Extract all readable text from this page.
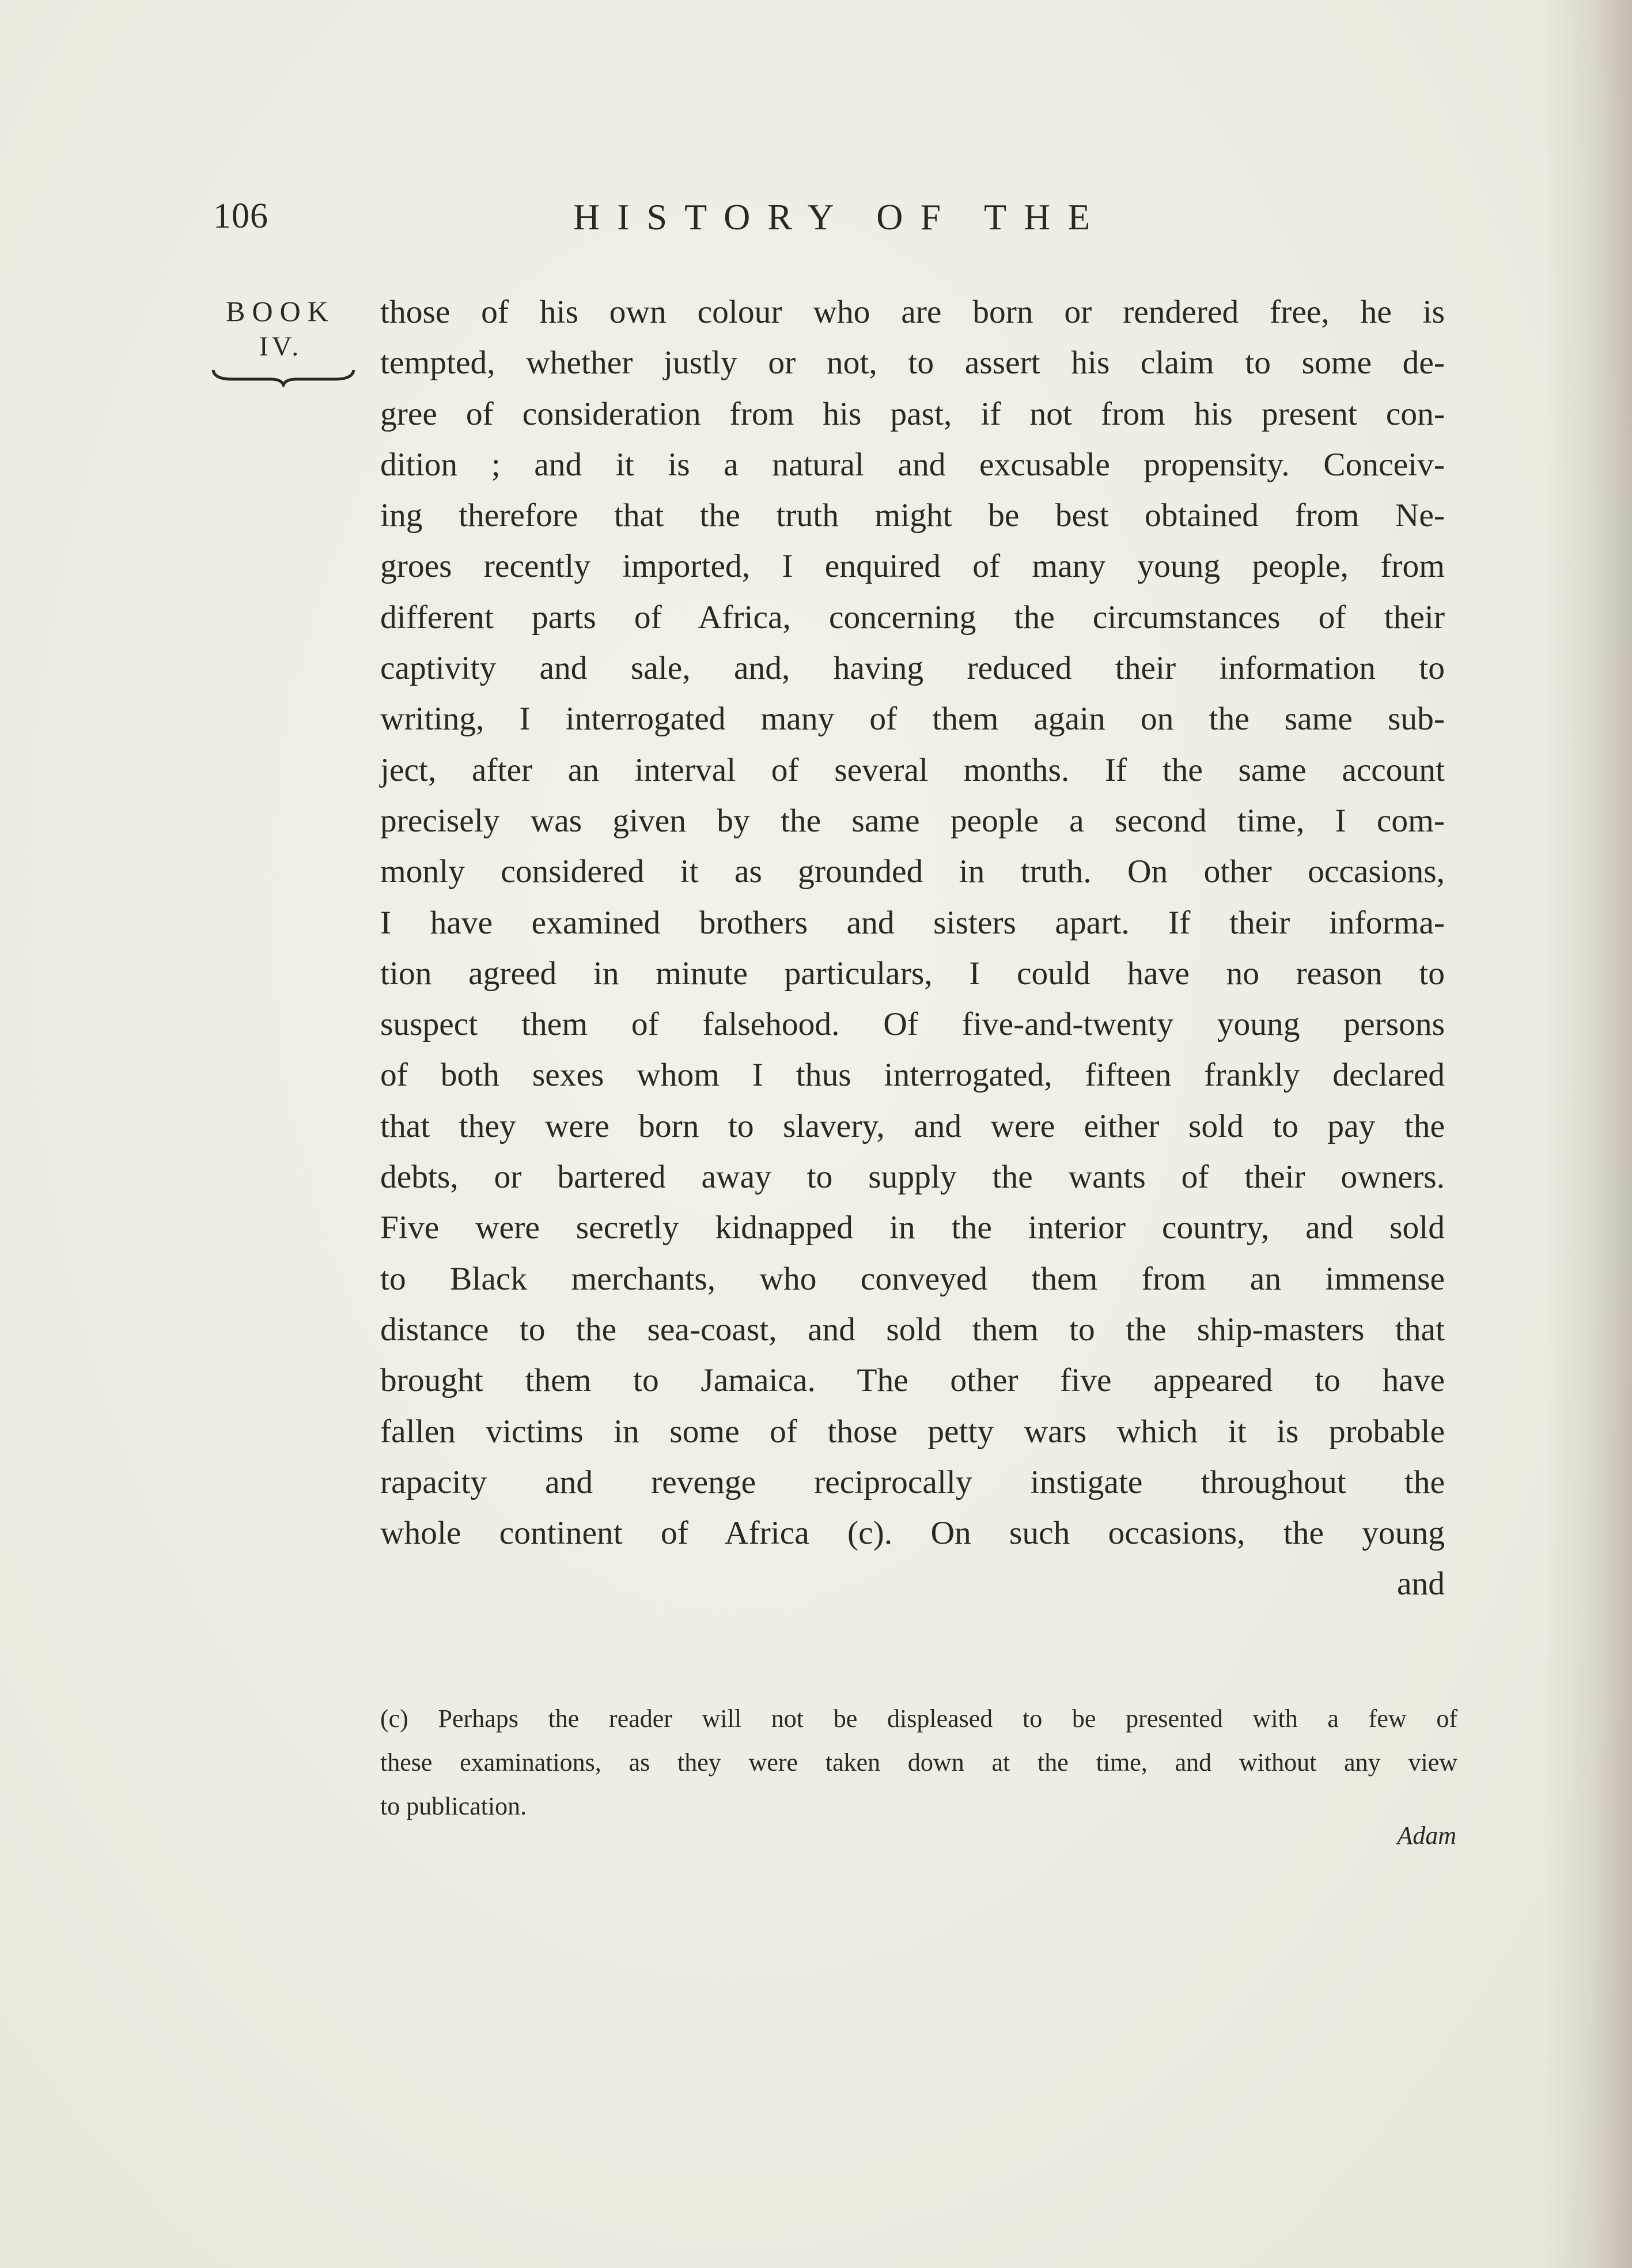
106	HISTORY OF THE
BOOK
IV.
those of his own colour who are born or rendered free, he is
tempted, whether justly or not, to assert his claim to some de-
gree of consideration from his past, if not from his present con-
dition ; and it is a natural and excusable propensity. Conceiv-
ing therefore that the truth might be best obtained from Ne-
groes recently imported, I enquired of many young people, from
different parts of Africa, concerning the circumstances of their
captivity and sale, and, having reduced their information to
writing, I interrogated many of them again on the same sub-
ject, after an interval of several months. If the same account
precisely was given by the same people a second time, I com-
monly considered it as grounded in truth. On other occasions,
I have examined brothers and sisters apart. If their informa-
tion agreed in minute particulars, I could have no reason to
suspect them of falsehood. Of five-and-twenty young persons
of both sexes whom I thus interrogated, fifteen frankly declared
that they were born to slavery, and were either sold to pay the
debts, or bartered away to supply the wants of their owners.
Five were secretly kidnapped in the interior country, and sold
to Black merchants, who conveyed them from an immense
distance to the sea-coast, and sold them to the ship-masters that
brought them to Jamaica. The other five appeared to have
fallen victims in some of those petty wars which it is probable
rapacity and revenge reciprocally instigate throughout the
whole continent of Africa (c). On such occasions, the young
and
(c) Perhaps the reader will not be displeased to be presented with a few of
these examinations, as they were taken down at the time, and without any view
to publication.
Adam
